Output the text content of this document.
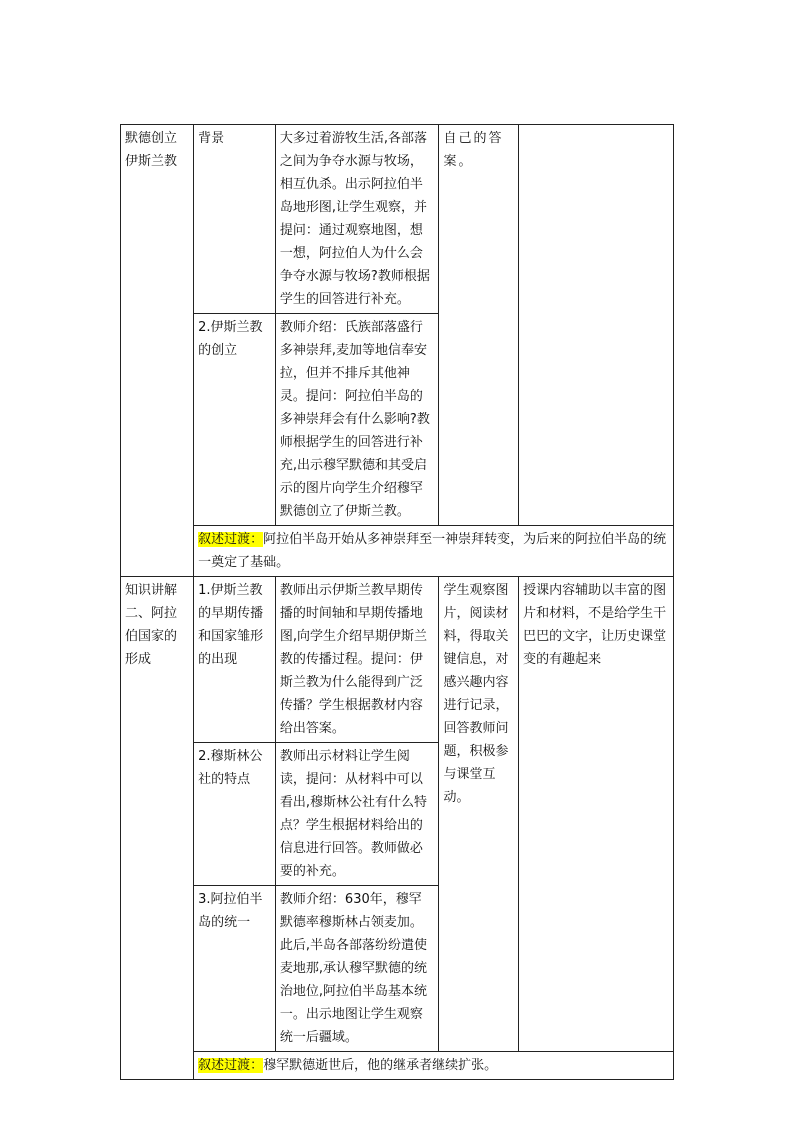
默德创立伊斯兰教	背景	大多过着游牧生活,各部落之间为争夺水源与牧场，相互仇杀。出示阿拉伯半岛地形图,让学生观察，并提问：通过观察地图，想一想，阿拉伯人为什么会争夺水源与牧场?教师根据学生的回答进行补充。	自己的答案。	
	2.伊斯兰教的创立	教师介绍：氏族部落盛行多神崇拜,麦加等地信奉安拉，但并不排斥其他神灵。提问：阿拉伯半岛的多神崇拜会有什么影响?教师根据学生的回答进行补充,出示穆罕默德和其受启示的图片向学生介绍穆罕默德创立了伊斯兰教。		
	叙述过渡：阿拉伯半岛开始从多神崇拜至一神崇拜转变，为后来的阿拉伯半岛的统一奠定了基础。			
知识讲解二、阿拉伯国家的形成	1.伊斯兰教的早期传播和国家雏形的出现	教师出示伊斯兰教早期传播的时间轴和早期传播地图,向学生介绍早期伊斯兰教的传播过程。提问：伊斯兰教为什么能得到广泛传播？学生根据教材内容给出答案。	学生观察图片，阅读材料，得取关键信息，对感兴趣内容进行记录，回答教师问题，积极参与课堂互动。	授课内容辅助以丰富的图片和材料，不是给学生干巴巴的文字，让历史课堂变的有趣起来
	2.穆斯林公社的特点	教师出示材料让学生阅读，提问：从材料中可以看出,穆斯林公社有什么特点？学生根据材料给出的信息进行回答。教师做必要的补充。		
	3.阿拉伯半岛的统一	教师介绍：630年，穆罕默德率穆斯林占领麦加。此后,半岛各部落纷纷遣使麦地那,承认穆罕默德的统治地位,阿拉伯半岛基本统一。出示地图让学生观察统一后疆域。		
	叙述过渡：穆罕默德逝世后，他的继承者继续扩张。			
